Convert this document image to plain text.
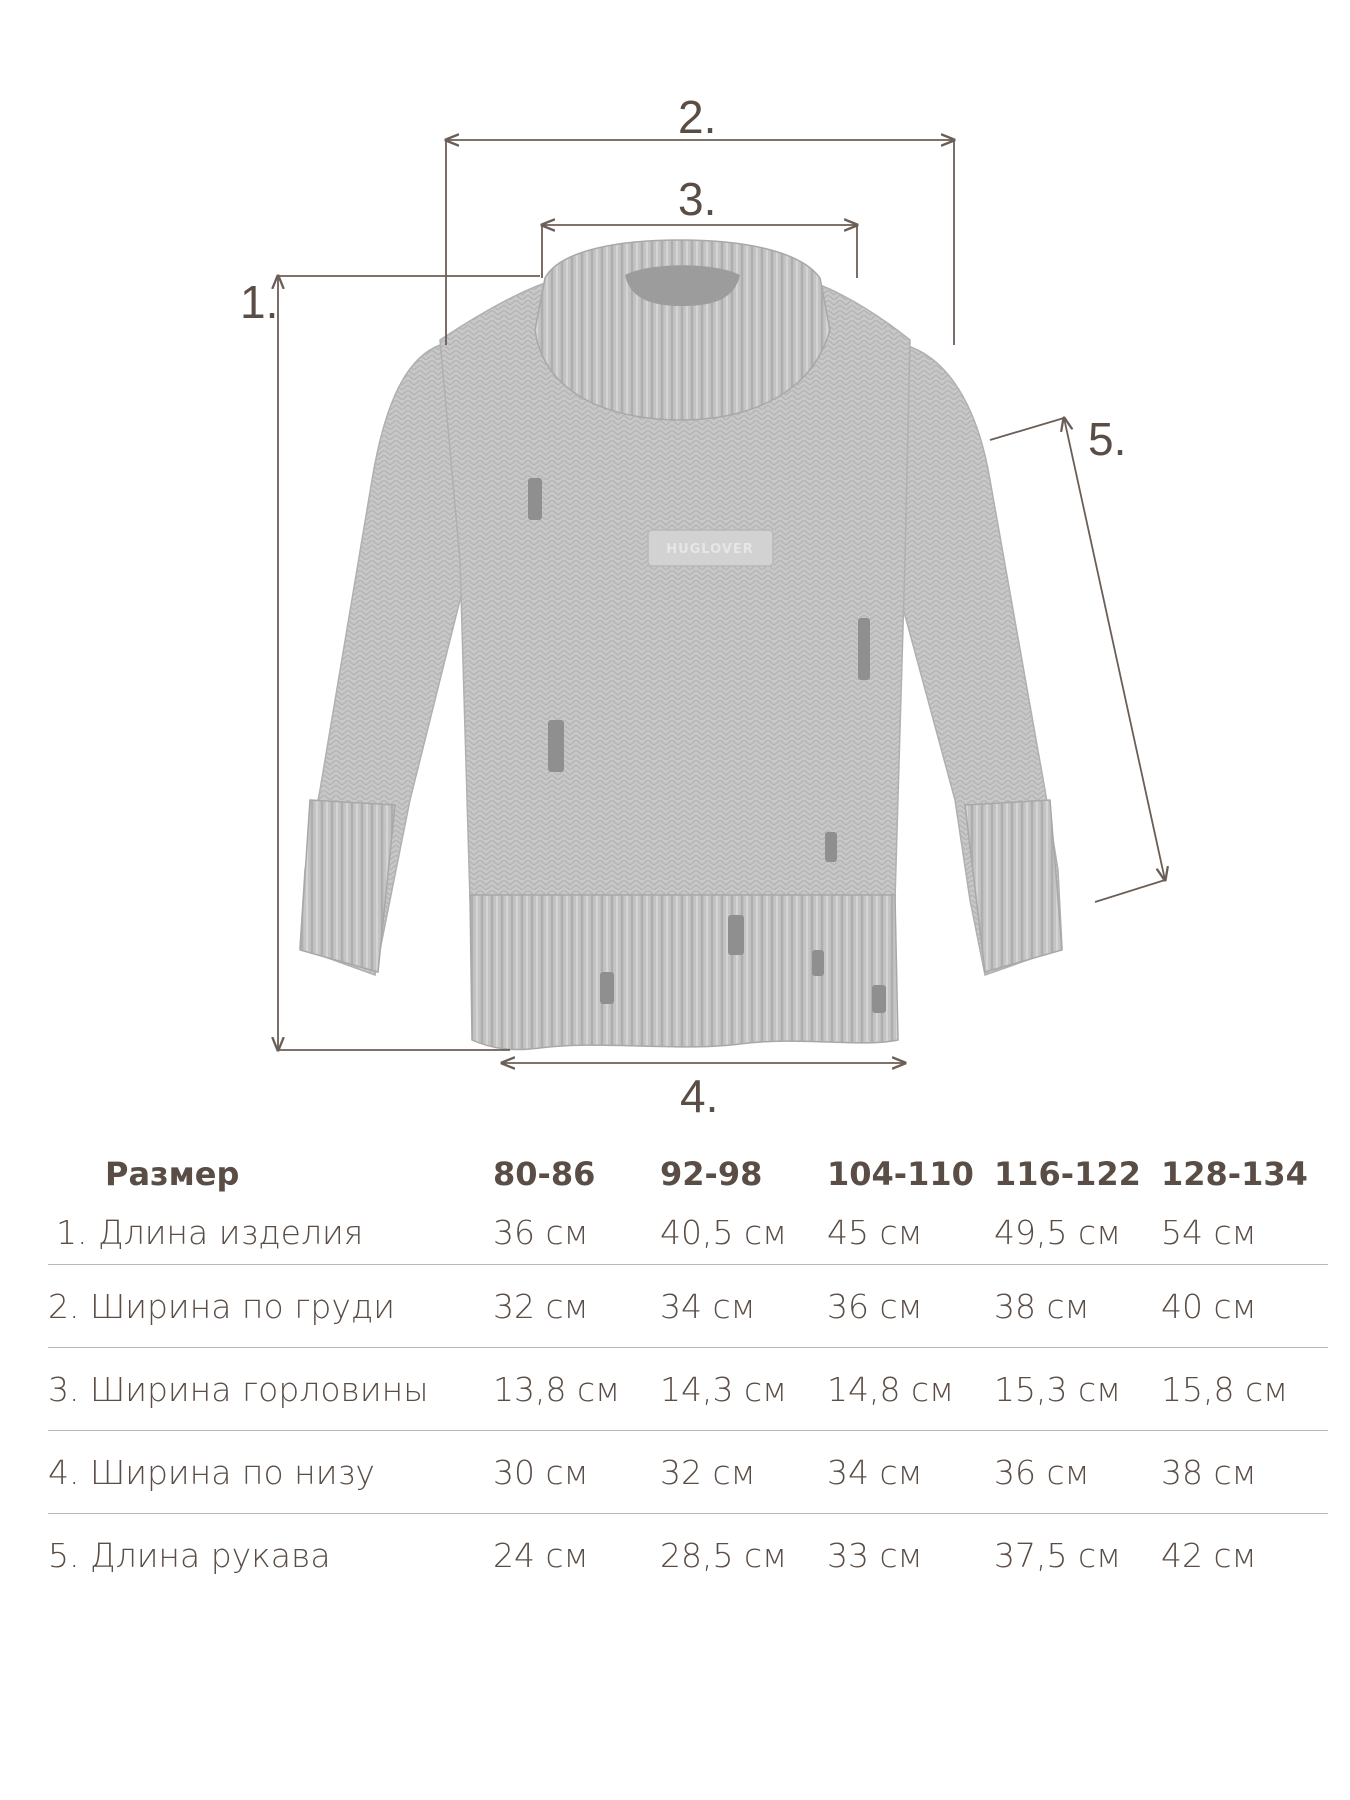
HUGLOVER
1.
2.
3.
4.
5.
Размер	80-86	92-98	104-110	116-122	128-134
1. Длина изделия	36 см	40,5 см	45 см	49,5 см	54 см
2. Ширина по груди	32 см	34 см	36 см	38 см	40 см
3. Ширина горловины	13,8 см	14,3 см	14,8 см	15,3 см	15,8 см
4. Ширина по низу	30 см	32 см	34 см	36 см	38 см
5. Длина рукава	24 см	28,5 см	33 см	37,5 см	42 см
